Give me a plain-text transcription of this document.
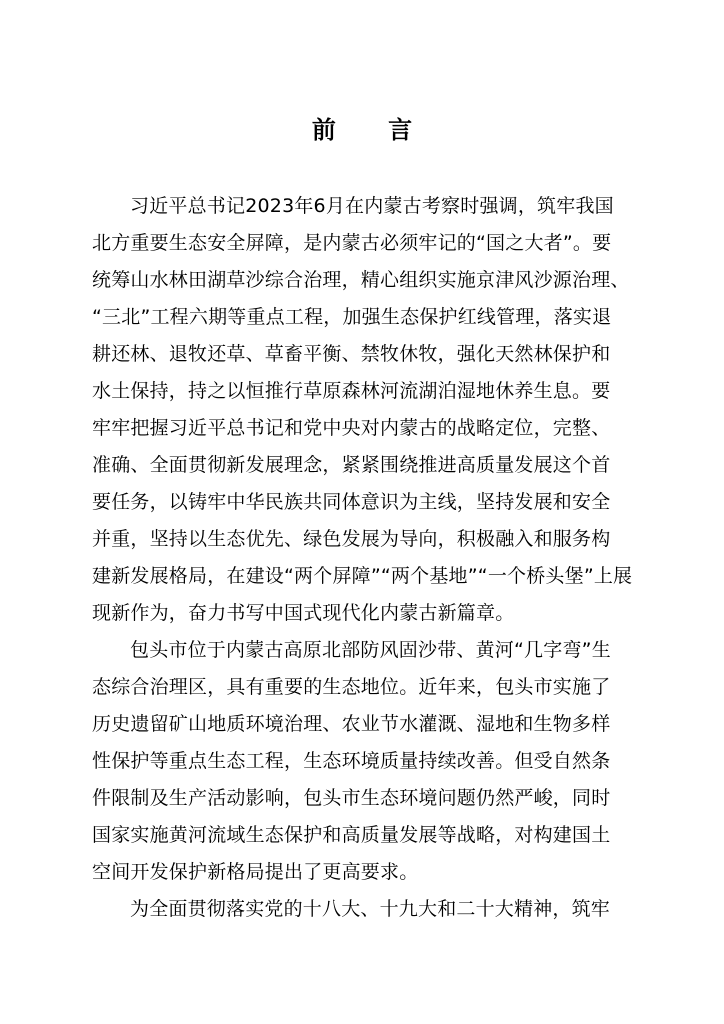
前 言
习近平总书记2023年6月在内蒙古考察时强调，筑牢我国
北方重要生态安全屏障，是内蒙古必须牢记的“国之大者”。要
统筹山水林田湖草沙综合治理，精心组织实施京津风沙源治理、
“三北”工程六期等重点工程，加强生态保护红线管理，落实退
耕还林、退牧还草、草畜平衡、禁牧休牧，强化天然林保护和
水土保持，持之以恒推行草原森林河流湖泊湿地休养生息。要
牢牢把握习近平总书记和党中央对内蒙古的战略定位，完整、
准确、全面贯彻新发展理念，紧紧围绕推进高质量发展这个首
要任务，以铸牢中华民族共同体意识为主线，坚持发展和安全
并重，坚持以生态优先、绿色发展为导向，积极融入和服务构
建新发展格局，在建设“两个屏障”“两个基地”“一个桥头堡”上展
现新作为，奋力书写中国式现代化内蒙古新篇章。
包头市位于内蒙古高原北部防风固沙带、黄河“几字弯”生
态综合治理区，具有重要的生态地位。近年来，包头市实施了
历史遗留矿山地质环境治理、农业节水灌溉、湿地和生物多样
性保护等重点生态工程，生态环境质量持续改善。但受自然条
件限制及生产活动影响，包头市生态环境问题仍然严峻，同时
国家实施黄河流域生态保护和高质量发展等战略，对构建国土
空间开发保护新格局提出了更高要求。
为全面贯彻落实党的十八大、十九大和二十大精神，筑牢
